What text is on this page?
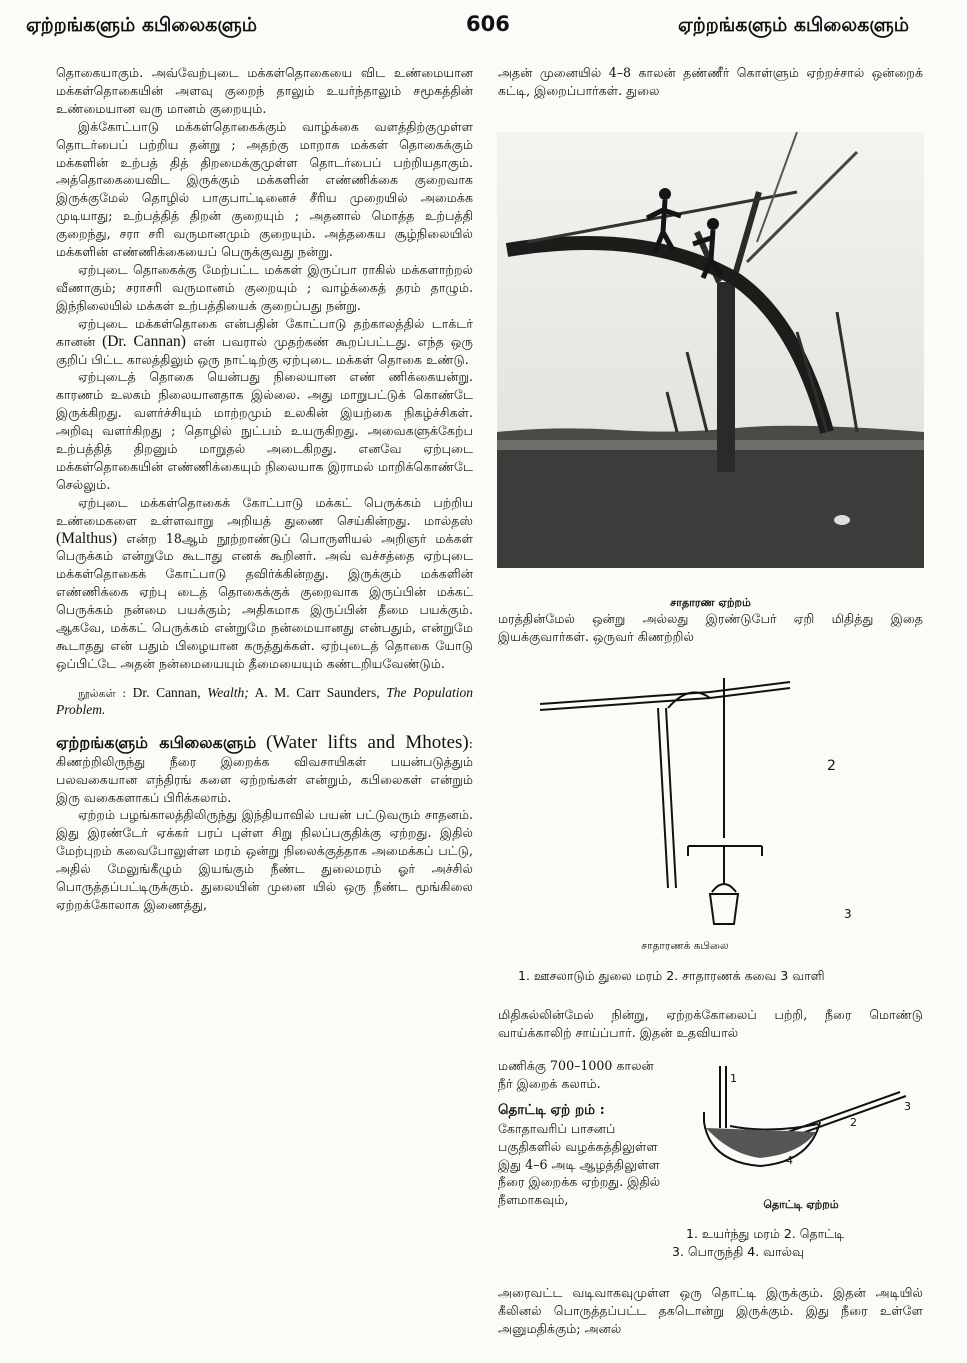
ஏற்றங்களும் கபிலைகளும்	606	ஏற்றங்களும் கபிலைகளும்

தொகையாகும். அவ்வேற்புடை மக்கள்தொகையை விட உண்மையான மக்கள்தொகையின் அளவு குறைந் தாலும் உயர்ந்தாலும் சமூகத்தின் உண்மையான வரு மானம் குறையும்.

இக்கோட்பாடு மக்கள்தொகைக்கும் வாழ்க்கை வளத்திற்குமுள்ள தொடர்பைப் பற்றிய தன்று ; அதற்கு மாறாக மக்கள் தொகைக்கும் மக்களின் உற்பத் தித் திறமைக்குமுள்ள தொடர்பைப் பற்றியதாகும். அத்தொகையைவிட இருக்கும் மக்களின் எண்ணிக்கை குறைவாக இருக்குமேல் தொழில் பாகுபாட்டினைச் சீரிய முறையில் அமைக்க முடியாது; உற்பத்தித் திறன் குறையும் ; அதனால் மொத்த உற்பத்தி குறைந்து, சரா சரி வருமானமும் குறையும். அத்தகைய சூழ்நிலையில் மக்களின் எண்ணிக்கையைப் பெருக்குவது நன்று.

ஏற்புடை தொகைக்கு மேற்பட்ட மக்கள் இருப்பா ராகில் மக்களாற்றல் வீணாகும்; சராசரி வருமானம் குறையும் ; வாழ்க்கைத் தரம் தாழும். இந்நிலையில் மக்கள் உற்பத்தியைக் குறைப்பது நன்று.

ஏற்புடை மக்கள்தொகை என்பதின் கோட்பாடு தற்காலத்தில் டாக்டர் கானன் (Dr. Cannan) என் பவரால் முதற்கண் கூறப்பட்டது. எந்த ஒரு குறிப் பிட்ட காலத்திலும் ஒரு நாட்டிற்கு ஏற்புடை மக்கள் தொகை உண்டு.

ஏற்புடைத் தொகை யென்பது நிலையான எண் ணிக்கையன்று. காரணம் உலகம் நிலையானதாக இல்லை. அது மாறுபட்டுக் கொண்டே இருக்கிறது. வளர்ச்சியும் மாற்றமும் உலகின் இயற்கை நிகழ்ச்சிகள். அறிவு வளர்கிறது ; தொழில் நுட்பம் உயருகிறது. அவைகளுக்கேற்ப உற்பத்தித் திறனும் மாறுதல் அடைகிறது. எனவே ஏற்புடை மக்கள்தொகையின் எண்ணிக்கையும் நிலையாக இராமல் மாறிக்கொண்டே செல்லும்.

ஏற்புடை மக்கள்தொகைக் கோட்பாடு மக்கட் பெருக்கம் பற்றிய உண்மைகளை உள்ளவாறு அறியத் துணை செய்கின்றது. மால்தஸ் (Malthus) என்ற 18ஆம் நூற்றாண்டுப் பொருளியல் அறிஞர் மக்கள் பெருக்கம் என்றுமே கூடாது எனக் கூறினர். அவ் வச்சத்தை ஏற்புடை மக்கள்தொகைக் கோட்பாடு தவிர்க்கின்றது. இருக்கும் மக்களின் எண்ணிக்கை ஏற்பு டைத் தொகைக்குக் குறைவாக இருப்பின் மக்கட் பெருக்கம் நன்மை பயக்கும்; அதிகமாக இருப்பின் தீமை பயக்கும். ஆகவே, மக்கட் பெருக்கம் என்றுமே நன்மையானது என்பதும், என்றுமே கூடாதது என் பதும் பிழையான கருத்துக்கள். ஏற்புடைத் தொகை யோடு ஒப்பிட்டே அதன் நன்மையையும் தீமையையும் கண்டறியவேண்டும்.

நூல்கள் : Dr. Cannan, Wealth; A. M. Carr Saunders, The Population Problem.

ஏற்றங்களும் கபிலைகளும் (Water lifts and Mhotes): கிணற்றிலிருந்து நீரை இறைக்க விவசாயிகள் பயன்படுத்தும் பலவகையான எந்திரங் களை ஏற்றங்கள் என்றும், கபிலைகள் என்றும் இரு வகைகளாகப் பிரிக்கலாம்.

ஏற்றம் பழங்காலத்திலிருந்து இந்தியாவில் பயன் பட்டுவரும் சாதனம். இது இரண்டேர் ஏக்கர் பரப் புள்ள சிறு நிலப்பகுதிக்கு ஏற்றது. இதில் மேற்புறம் கவைபோலுள்ள மரம் ஒன்று நிலைக்குத்தாக அமைக்கப் பட்டு, அதில் மேலுங்கீழும் இயங்கும் நீண்ட துலைமரம் ஓர் அச்சில் பொருத்தப்பட்டிருக்கும். துலையின் முனை யில் ஒரு நீண்ட மூங்கிலை ஏற்றக்கோலாக இணைத்து,

அதன் முனையில் 4–8 காலன் தண்ணீர் கொள்ளும் ஏற்றச்சால் ஒன்றைக் கட்டி, இறைப்பார்கள். துலை

சாதாரண ஏற்றம்

மரத்தின்மேல் ஒன்று அல்லது இரண்டுபேர் ஏறி மிதித்து இதை இயக்குவார்கள். ஒருவர் கிணற்றில்

2
3
சாதாரணக் கபிலை
1. ஊசலாடும் துலை மரம் 2. சாதாரணக் கவை 3 வாளி

மிதிகல்லின்மேல் நின்று, ஏற்றக்கோலைப் பற்றி, நீரை மொண்டு வாய்க்காலிற் சாய்ப்பார். இதன் உதவியால்

மணிக்கு 700–1000 காலன் நீர் இறைக் கலாம்.

தொட்டி ஏற் றம் : கோதாவரிப் பாசனப் பகுதிகளில் வழக்கத்திலுள்ள இது 4–6 அடி ஆழத்திலுள்ள நீரை இறைக்க ஏற்றது. இதில் நீளமாகவும்,

1
2
3
4
தொட்டி ஏற்றம்
1. உயர்ந்து மரம் 2. தொட்டி
3. பொருந்தி 4. வால்வு

அரைவட்ட வடிவாகவுமுள்ள ஒரு தொட்டி இருக்கும். இதன் அடியில் கீலினல் பொருத்தப்பட்ட தகடொன்று இருக்கும். இது நீரை உள்ளே அனுமதிக்கும்; அனல்
